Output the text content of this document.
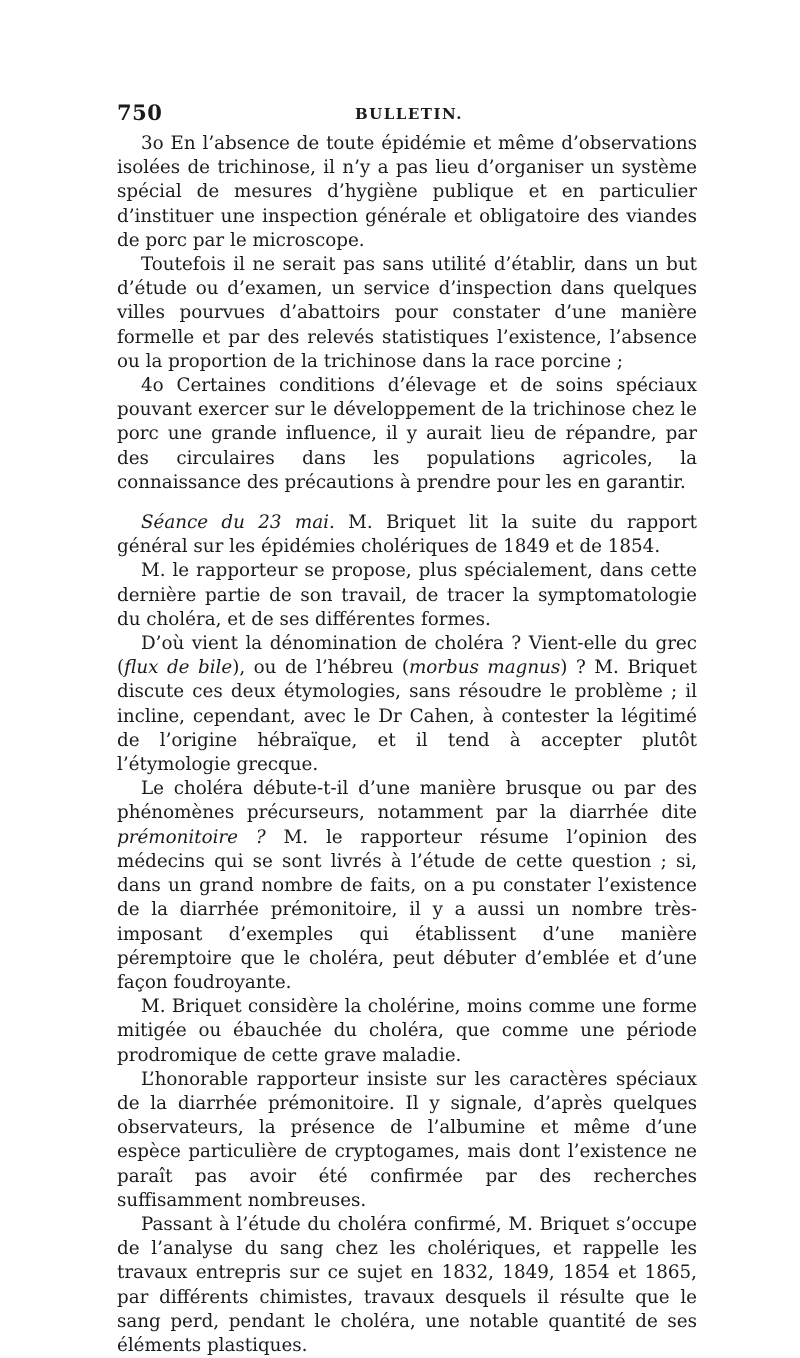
750	BULLETIN.

3o En l’absence de toute épidémie et même d’observations isolées de trichinose, il n’y a pas lieu d’organiser un système spécial de mesures d’hygiène publique et en particulier d’instituer une inspection générale et obligatoire des viandes de porc par le microscope.

Toutefois il ne serait pas sans utilité d’établir, dans un but d’étude ou d’examen, un service d’inspection dans quelques villes pourvues d’abattoirs pour constater d’une manière formelle et par des relevés statistiques l’existence, l’absence ou la proportion de la trichinose dans la race porcine ;

4o Certaines conditions d’élevage et de soins spéciaux pouvant exercer sur le développement de la trichinose chez le porc une grande influence, il y aurait lieu de répandre, par des circulaires dans les populations agricoles, la connaissance des précautions à prendre pour les en garantir.

Séance du 23 mai. M. Briquet lit la suite du rapport général sur les épidémies cholériques de 1849 et de 1854.

M. le rapporteur se propose, plus spécialement, dans cette dernière partie de son travail, de tracer la symptomatologie du choléra, et de ses différentes formes.

D’où vient la dénomination de choléra ? Vient-elle du grec (flux de bile), ou de l’hébreu (morbus magnus) ? M. Briquet discute ces deux étymologies, sans résoudre le problème ; il incline, cependant, avec le Dr Cahen, à contester la légitimé de l’origine hébraïque, et il tend à accepter plutôt l’étymologie grecque.

Le choléra débute-t-il d’une manière brusque ou par des phénomènes précurseurs, notamment par la diarrhée dite prémonitoire ? M. le rapporteur résume l’opinion des médecins qui se sont livrés à l’étude de cette question ; si, dans un grand nombre de faits, on a pu constater l’existence de la diarrhée prémonitoire, il y a aussi un nombre très-imposant d’exemples qui établissent d’une manière péremptoire que le choléra, peut débuter d’emblée et d’une façon foudroyante.

M. Briquet considère la cholérine, moins comme une forme mitigée ou ébauchée du choléra, que comme une période prodromique de cette grave maladie.

L’honorable rapporteur insiste sur les caractères spéciaux de la diarrhée prémonitoire. Il y signale, d’après quelques observateurs, la présence de l’albumine et même d’une espèce particulière de cryptogames, mais dont l’existence ne paraît pas avoir été confirmée par des recherches suffisamment nombreuses.

Passant à l’étude du choléra confirmé, M. Briquet s’occupe de l’analyse du sang chez les cholériques, et rappelle les travaux entrepris sur ce sujet en 1832, 1849, 1854 et 1865, par différents chimistes, travaux desquels il résulte que le sang perd, pendant le choléra, une notable quantité de ses éléments plastiques.
